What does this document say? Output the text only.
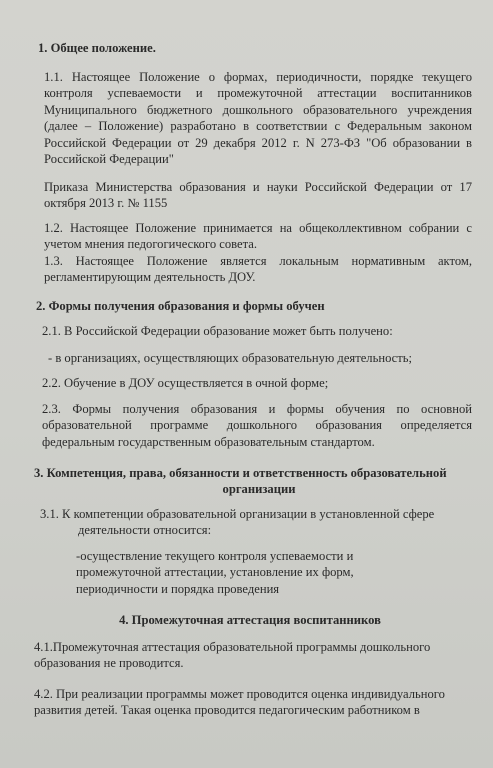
1. Общее положение.

1.1. Настоящее Положение о формах, периодичности, порядке текущего контроля успеваемости и промежуточной аттестации воспитанников Муниципального бюджетного дошкольного образовательного учреждения (далее – Положение) разработано в соответствии с Федеральным законом Российской Федерации от 29 декабря 2012 г. N 273-ФЗ "Об образовании в Российской Федерации"

Приказа Министерства образования и науки Российской Федерации от 17 октября 2013 г. № 1155

1.2. Настоящее Положение принимается на общеколлективном собрании с учетом мнения педогогического совета.

1.3. Настоящее Положение является локальным нормативным актом, регламентирующим деятельность ДОУ.

2. Формы получения образования и формы обучен

2.1. В Российской Федерации образование может быть получено:

- в организациях, осуществляющих образовательную деятельность;

2.2. Обучение в ДОУ осуществляется в очной форме;

2.3. Формы получения образования и формы обучения по основной образовательной программе дошкольного образования определяется федеральным государственным образовательным стандартом.

3. Компетенция, права, обязанности и ответственность образовательной

организации

3.1. К компетенции образовательной организации в установленной сфере

деятельности относится:

-осуществление текущего контроля успеваемости и промежуточной аттестации, установление их форм, периодичности и порядка проведения

4. Промежуточная аттестация воспитанников

4.1.Промежуточная аттестация образовательной программы дошкольного образования не проводится.

4.2. При реализации программы может проводится оценка индивидуального развития детей. Такая оценка проводится педагогическим работником в
